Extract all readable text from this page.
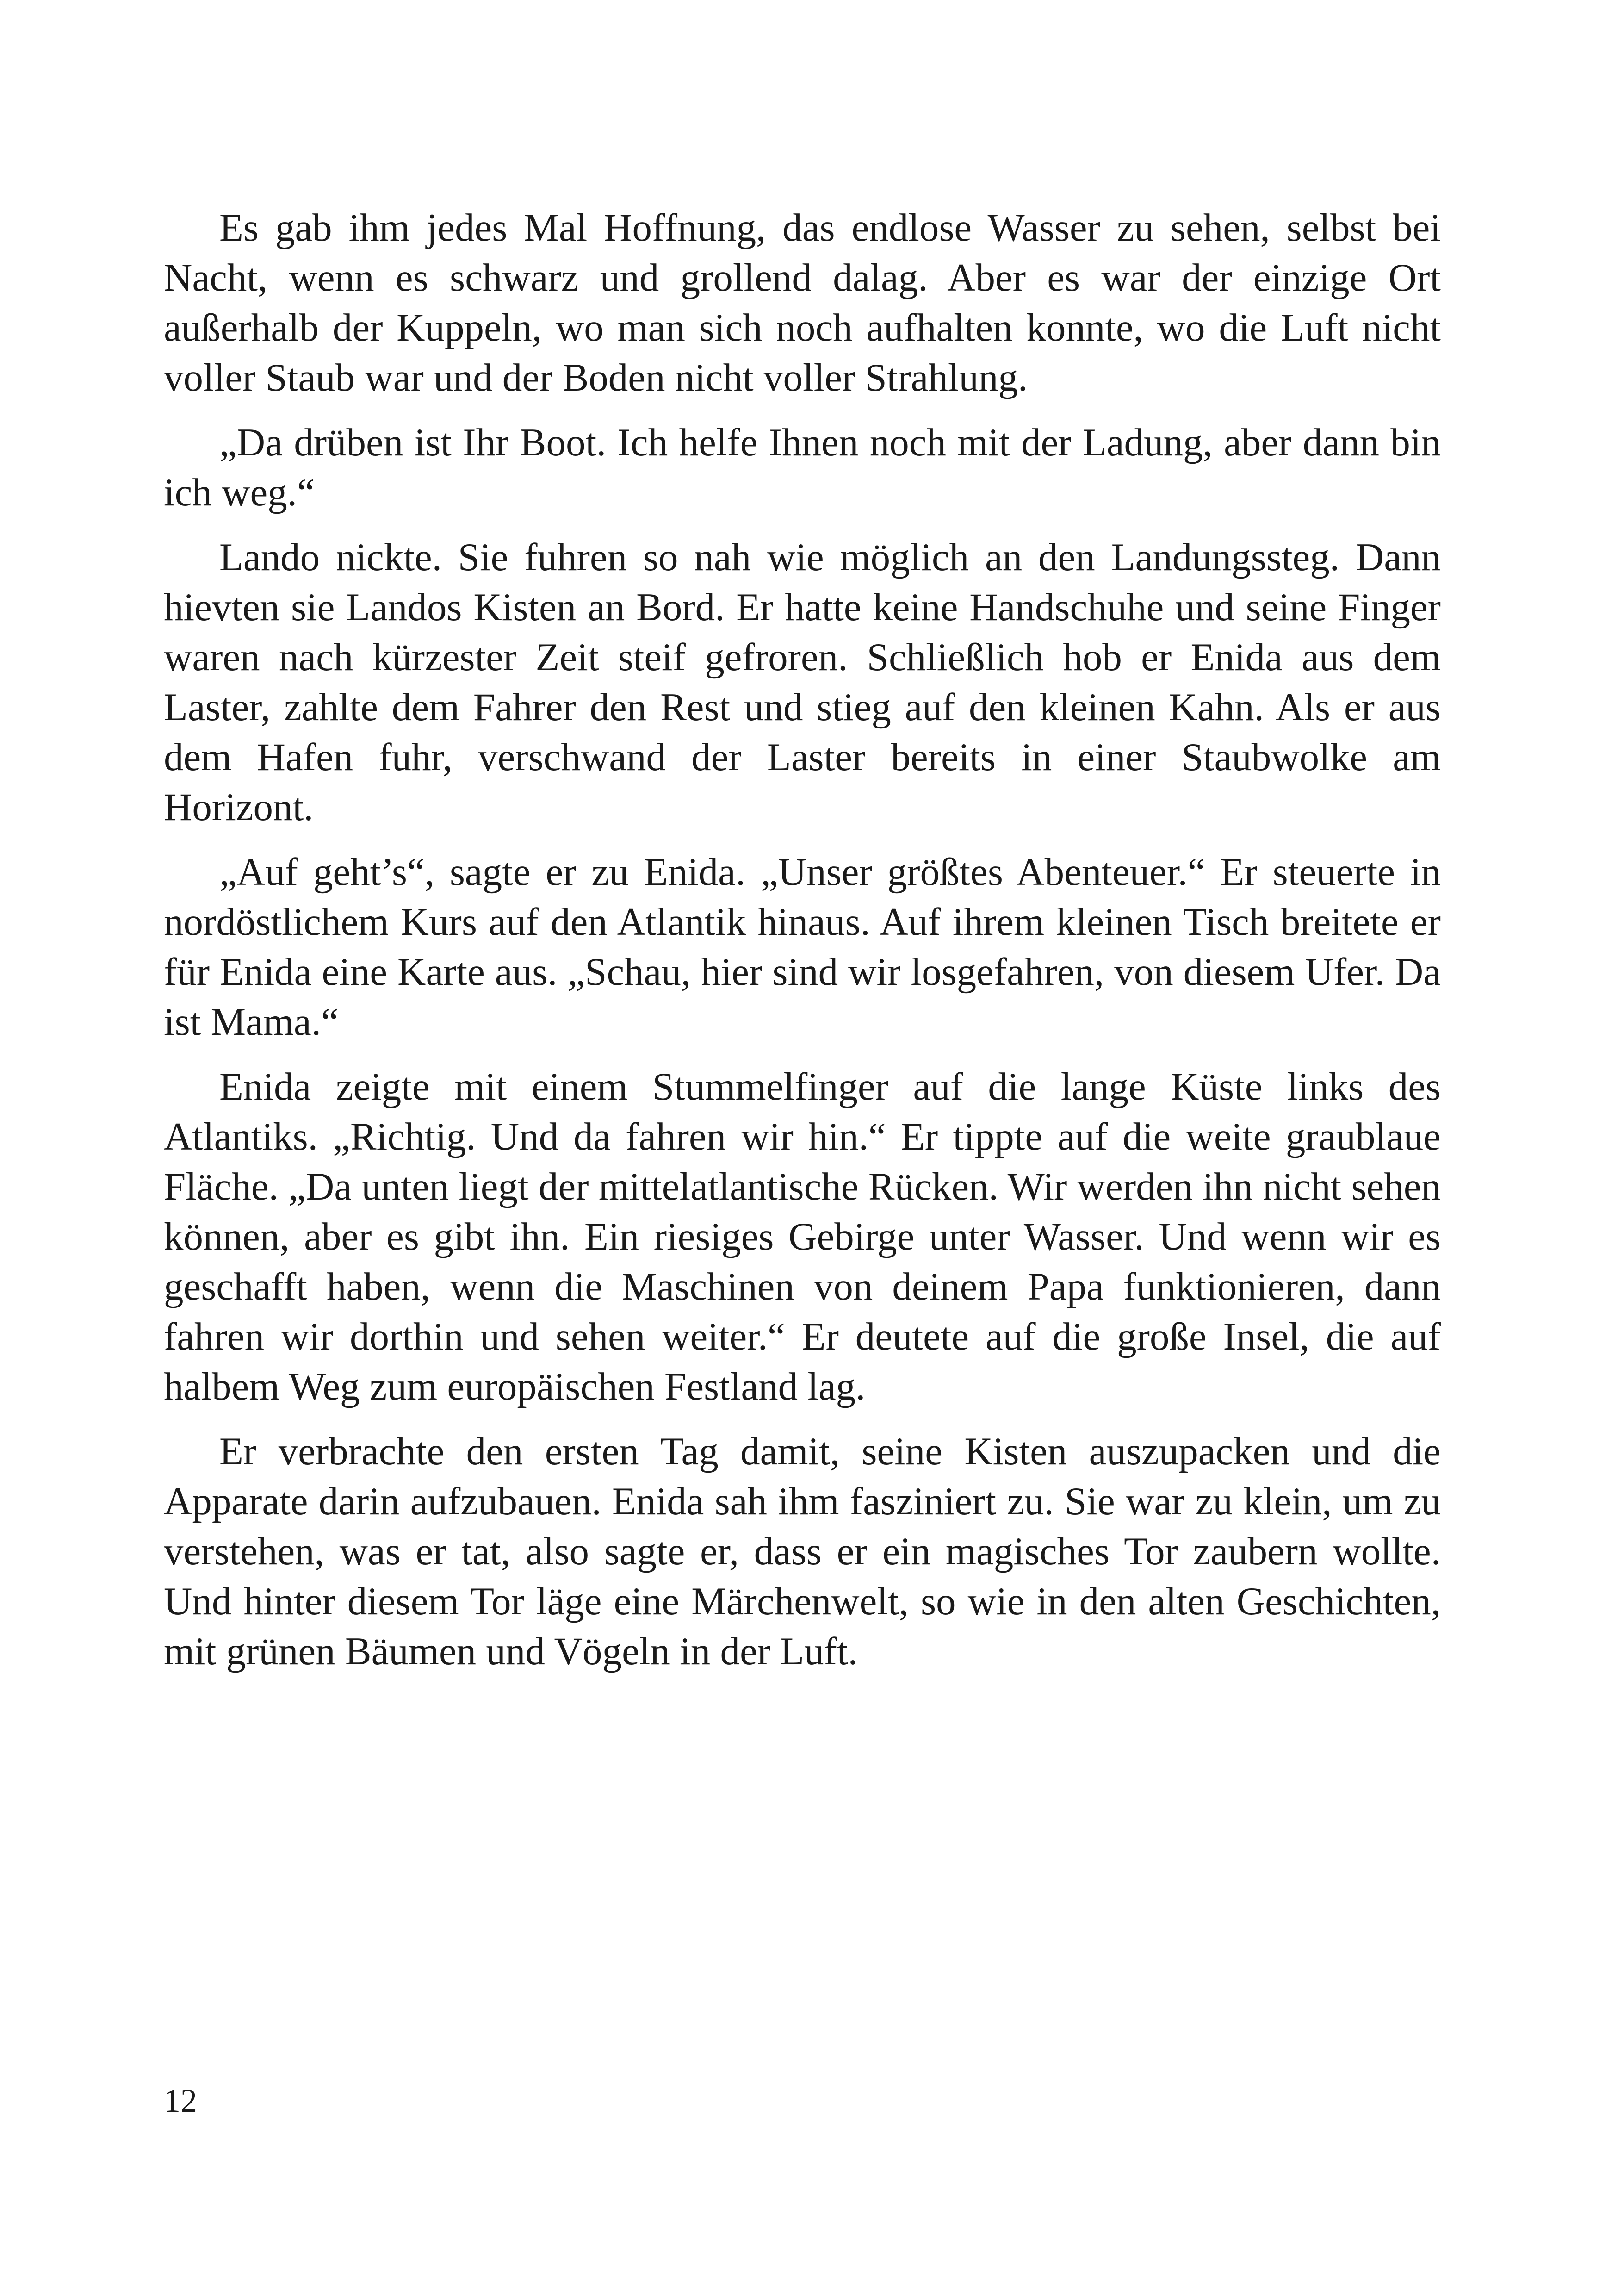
Es gab ihm jedes Mal Hoffnung, das endlose Wasser zu sehen, selbst bei Nacht, wenn es schwarz und grollend dalag. Aber es war der einzige Ort außerhalb der Kuppeln, wo man sich noch aufhalten konnte, wo die Luft nicht voller Staub war und der Boden nicht voller Strahlung.

„Da drüben ist Ihr Boot. Ich helfe Ihnen noch mit der Ladung, aber dann bin ich weg.“

Lando nickte. Sie fuhren so nah wie möglich an den Landungssteg. Dann hievten sie Landos Kisten an Bord. Er hatte keine Handschuhe und seine Finger waren nach kürzester Zeit steif gefroren. Schließlich hob er Enida aus dem Laster, zahlte dem Fahrer den Rest und stieg auf den kleinen Kahn. Als er aus dem Hafen fuhr, verschwand der Laster bereits in einer Staubwolke am Horizont.

„Auf geht’s“, sagte er zu Enida. „Unser größtes Abenteuer.“ Er steuerte in nordöstlichem Kurs auf den Atlantik hinaus. Auf ihrem kleinen Tisch breitete er für Enida eine Karte aus. „Schau, hier sind wir losgefahren, von diesem Ufer. Da ist Mama.“

Enida zeigte mit einem Stummelfinger auf die lange Küste links des Atlantiks. „Richtig. Und da fahren wir hin.“ Er tippte auf die weite graublaue Fläche. „Da unten liegt der mittelatlantische Rücken. Wir werden ihn nicht sehen können, aber es gibt ihn. Ein riesiges Gebirge unter Wasser. Und wenn wir es geschafft haben, wenn die Maschinen von deinem Papa funktionieren, dann fahren wir dorthin und sehen weiter.“ Er deutete auf die große Insel, die auf halbem Weg zum europäischen Festland lag.

Er verbrachte den ersten Tag damit, seine Kisten auszupacken und die Apparate darin aufzubauen. Enida sah ihm fasziniert zu. Sie war zu klein, um zu verstehen, was er tat, also sagte er, dass er ein magisches Tor zaubern wollte. Und hinter diesem Tor läge eine Märchenwelt, so wie in den alten Geschichten, mit grünen Bäumen und Vögeln in der Luft.

12
